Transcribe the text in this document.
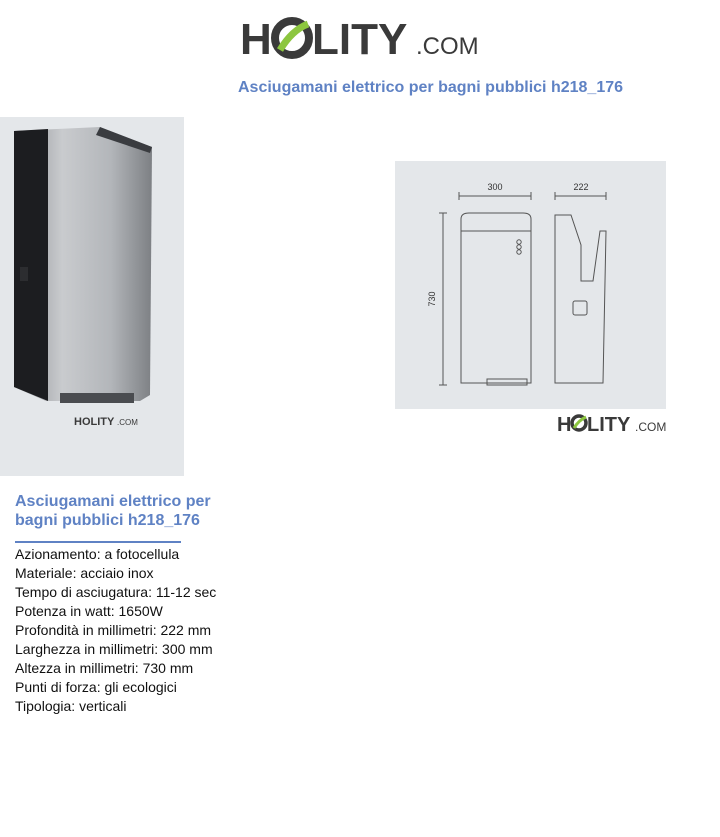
H LITY .COM
Asciugamani elettrico per bagni pubblici h218_176
HOLITY .COM
300	222
730
H LITY .COM
Asciugamani elettrico per bagni pubblici h218_176
Azionamento: a fotocellula
Materiale: acciaio inox
Tempo di asciugatura: 11-12 sec
Potenza in watt: 1650W
Profondità in millimetri: 222 mm
Larghezza in millimetri: 300 mm
Altezza in millimetri: 730 mm
Punti di forza: gli ecologici
Tipologia: verticali
